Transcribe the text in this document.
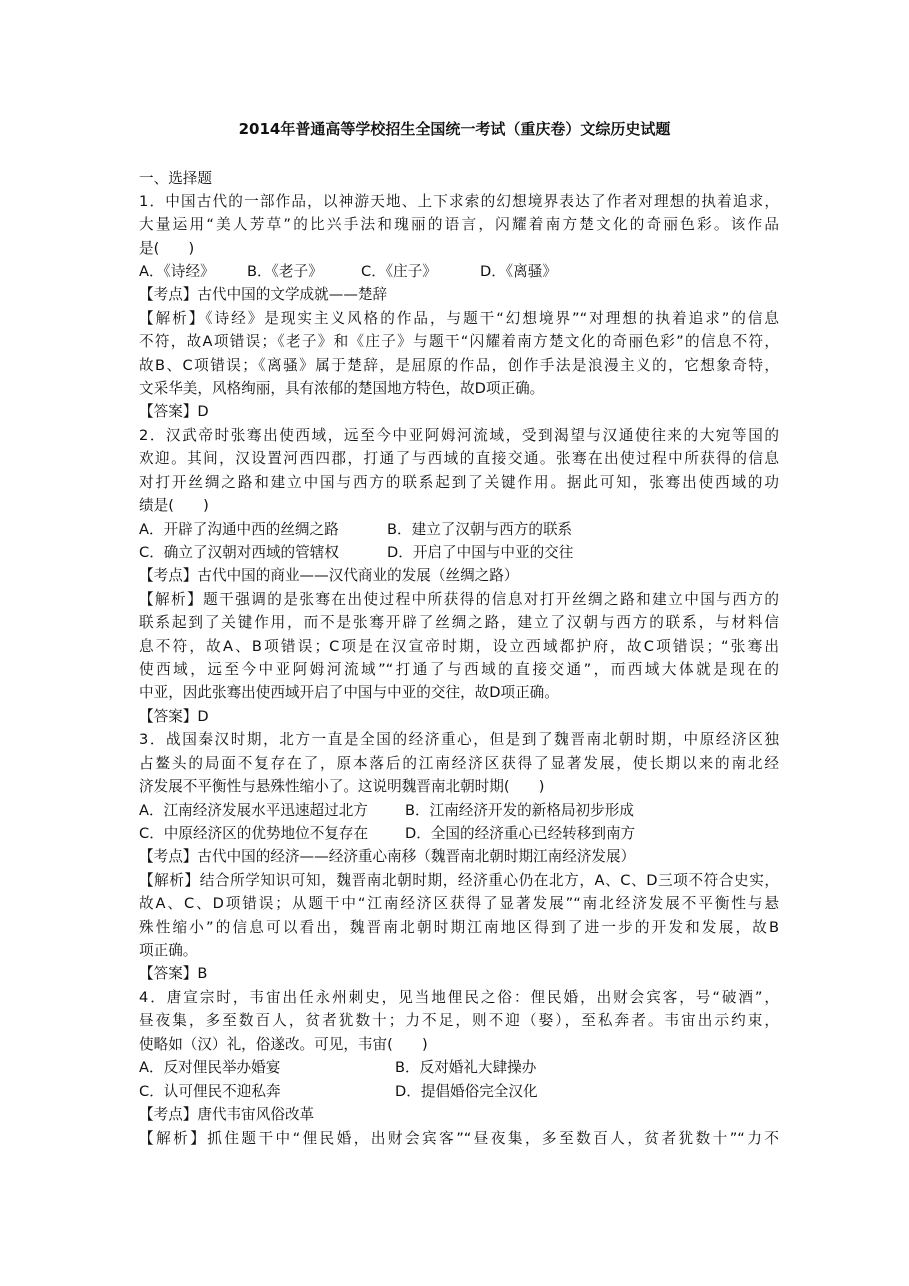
2014年普通高等学校招生全国统一考试（重庆卷）文综历史试题
一、选择题
1．中国古代的一部作品，以神游天地、上下求索的幻想境界表达了作者对理想的执着追求，
大量运用“美人芳草”的比兴手法和瑰丽的语言，闪耀着南方楚文化的奇丽色彩。该作品
是(　　)
A．《诗经》 B．《老子》	C．《庄子》	D．《离骚》
【考点】古代中国的文学成就——楚辞
【解析】《诗经》是现实主义风格的作品，与题干“幻想境界”“对理想的执着追求”的信息
不符，故A项错误；《老子》和《庄子》与题干“闪耀着南方楚文化的奇丽色彩”的信息不符，
故B、C项错误；《离骚》属于楚辞，是屈原的作品，创作手法是浪漫主义的，它想象奇特，
文采华美，风格绚丽，具有浓郁的楚国地方特色，故D项正确。
【答案】D
2．汉武帝时张骞出使西域，远至今中亚阿姆河流域，受到渴望与汉通使往来的大宛等国的
欢迎。其间，汉设置河西四郡，打通了与西域的直接交通。张骞在出使过程中所获得的信息
对打开丝绸之路和建立中国与西方的联系起到了关键作用。据此可知，张骞出使西域的功
绩是(　　)
A．开辟了沟通中西的丝绸之路	B．建立了汉朝与西方的联系
C．确立了汉朝对西域的管辖权	D．开启了中国与中亚的交往
【考点】古代中国的商业——汉代商业的发展（丝绸之路）
【解析】题干强调的是张骞在出使过程中所获得的信息对打开丝绸之路和建立中国与西方的
联系起到了关键作用，而不是张骞开辟了丝绸之路，建立了汉朝与西方的联系，与材料信
息不符，故A、B项错误；C项是在汉宣帝时期，设立西域都护府，故C项错误；“张骞出
使西域，远至今中亚阿姆河流域”“打通了与西域的直接交通”，而西域大体就是现在的
中亚，因此张骞出使西域开启了中国与中亚的交往，故D项正确。
【答案】D
3．战国秦汉时期，北方一直是全国的经济重心，但是到了魏晋南北朝时期，中原经济区独
占鳌头的局面不复存在了，原本落后的江南经济区获得了显著发展，使长期以来的南北经
济发展不平衡性与悬殊性缩小了。这说明魏晋南北朝时期(　　)
A．江南经济发展水平迅速超过北方	B．江南经济开发的新格局初步形成
C．中原经济区的优势地位不复存在	D．全国的经济重心已经转移到南方
【考点】古代中国的经济——经济重心南移（魏晋南北朝时期江南经济发展）
【解析】结合所学知识可知，魏晋南北朝时期，经济重心仍在北方，A、C、D三项不符合史实，
故A、C、D项错误；从题干中“江南经济区获得了显著发展”“南北经济发展不平衡性与悬
殊性缩小”的信息可以看出，魏晋南北朝时期江南地区得到了进一步的开发和发展，故B
项正确。
【答案】B
4．唐宣宗时，韦宙出任永州刺史，见当地俚民之俗：俚民婚，出财会宾客，号“破酒”，
昼夜集，多至数百人，贫者犹数十；力不足，则不迎（娶），至私奔者。韦宙出示约束，
使略如（汉）礼，俗遂改。可见，韦宙(　　)
A．反对俚民举办婚宴	B．反对婚礼大肆操办
C．认可俚民不迎私奔	D．提倡婚俗完全汉化
【考点】唐代韦宙风俗改革
【解析】抓住题干中“俚民婚，出财会宾客”“昼夜集，多至数百人，贫者犹数十”“力不
